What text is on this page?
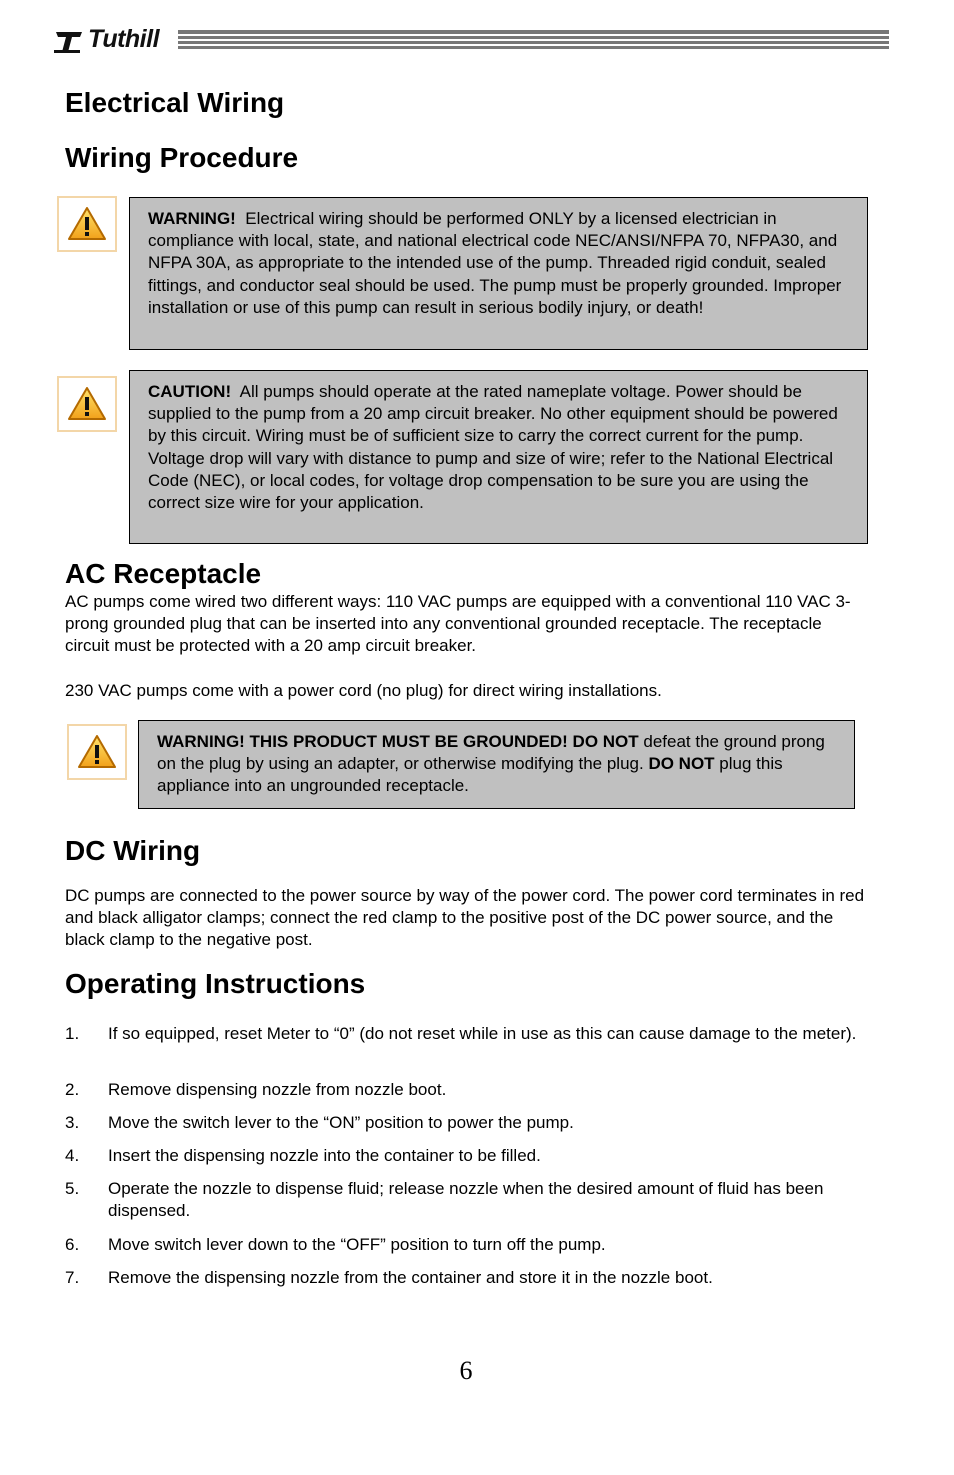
Tuthill
Electrical Wiring
Wiring Procedure
WARNING! Electrical wiring should be performed ONLY by a licensed electrician in compliance with local, state, and national electrical code NEC/ANSI/NFPA 70, NFPA30, and NFPA 30A, as appropriate to the intended use of the pump. Threaded rigid conduit, sealed fittings, and conductor seal should be used. The pump must be properly grounded. Improper installation or use of this pump can result in serious bodily injury, or death!
CAUTION! All pumps should operate at the rated nameplate voltage. Power should be supplied to the pump from a 20 amp circuit breaker. No other equipment should be powered by this circuit. Wiring must be of sufficient size to carry the correct current for the pump. Voltage drop will vary with distance to pump and size of wire; refer to the National Electrical Code (NEC), or local codes, for voltage drop compensation to be sure you are using the correct size wire for your application.
AC Receptacle

AC pumps come wired two different ways: 110 VAC pumps are equipped with a conventional 110 VAC 3-prong grounded plug that can be inserted into any conventional grounded receptacle. The receptacle circuit must be protected with a 20 amp circuit breaker.

230 VAC pumps come with a power cord (no plug) for direct wiring installations.

WARNING! THIS PRODUCT MUST BE GROUNDED! DO NOT defeat the ground prong on the plug by using an adapter, or otherwise modifying the plug. DO NOT plug this appliance into an ungrounded receptacle.
DC Wiring

DC pumps are connected to the power source by way of the power cord. The power cord terminates in red and black alligator clamps; connect the red clamp to the positive post of the DC power source, and the black clamp to the negative post.

Operating Instructions
1. If so equipped, reset Meter to “0” (do not reset while in use as this can cause damage to the meter).
2. Remove dispensing nozzle from nozzle boot.
3. Move the switch lever to the “ON” position to power the pump.
4. Insert the dispensing nozzle into the container to be filled.
5. Operate the nozzle to dispense fluid; release nozzle when the desired amount of fluid has been dispensed.
6. Move switch lever down to the “OFF” position to turn off the pump.
7. Remove the dispensing nozzle from the container and store it in the nozzle boot.
6
